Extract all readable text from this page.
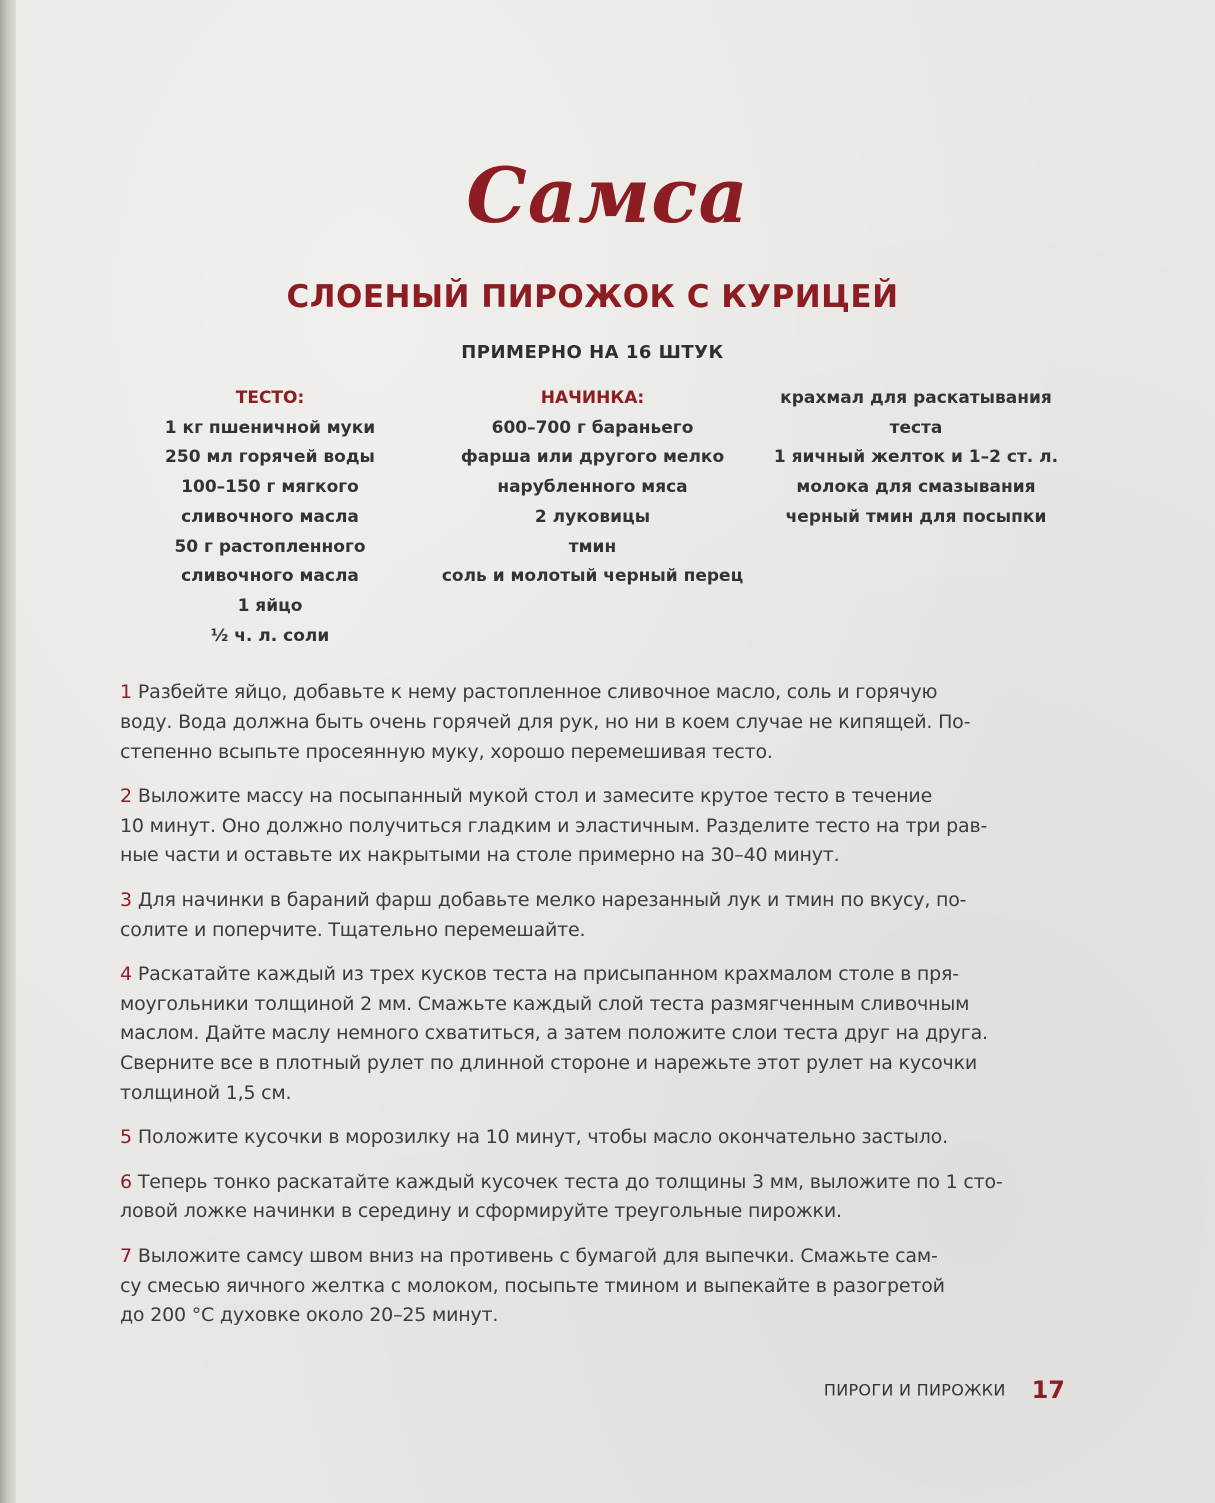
Самса
СЛОЕНЫЙ ПИРОЖОК С КУРИЦЕЙ
ПРИМЕРНО НА 16 ШТУК
ТЕСТО:
1 кг пшеничной муки
250 мл горячей воды
100–150 г мягкого
сливочного масла
50 г растопленного
сливочного масла
1 яйцо
½ ч. л. соли
НАЧИНКА:
600–700 г бараньего
фарша или другого мелко
нарубленного мяса
2 луковицы
тмин
соль и молотый черный перец
крахмал для раскатывания
теста
1 яичный желток и 1–2 ст. л.
молока для смазывания
черный тмин для посыпки
1 Разбейте яйцо, добавьте к нему растопленное сливочное масло, соль и горячую
воду. Вода должна быть очень горячей для рук, но ни в коем случае не кипящей. По-
степенно всыпьте просеянную муку, хорошо перемешивая тесто.
2 Выложите массу на посыпанный мукой стол и замесите крутое тесто в течение
10 минут. Оно должно получиться гладким и эластичным. Разделите тесто на три рав-
ные части и оставьте их накрытыми на столе примерно на 30–40 минут.
3 Для начинки в бараний фарш добавьте мелко нарезанный лук и тмин по вкусу, по-
солите и поперчите. Тщательно перемешайте.
4 Раскатайте каждый из трех кусков теста на присыпанном крахмалом столе в пря-
моугольники толщиной 2 мм. Смажьте каждый слой теста размягченным сливочным
маслом. Дайте маслу немного схватиться, а затем положите слои теста друг на друга.
Сверните все в плотный рулет по длинной стороне и нарежьте этот рулет на кусочки
толщиной 1,5 см.
5 Положите кусочки в морозилку на 10 минут, чтобы масло окончательно застыло.
6 Теперь тонко раскатайте каждый кусочек теста до толщины 3 мм, выложите по 1 сто-
ловой ложке начинки в середину и сформируйте треугольные пирожки.
7 Выложите самсу швом вниз на противень с бумагой для выпечки. Смажьте сам-
су смесью яичного желтка с молоком, посыпьте тмином и выпекайте в разогретой
до 200 °C духовке около 20–25 минут.
ПИРОГИ И ПИРОЖКИ 17
